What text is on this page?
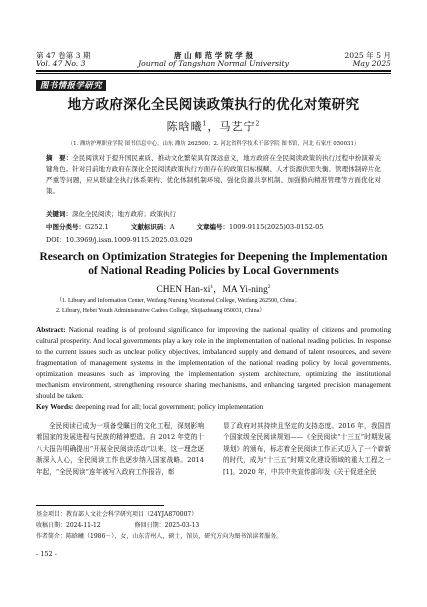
第 47 卷第 3 期	唐 山 师 范 学 院 学 报	2025 年 5 月
Vol. 47 No. 3	Journal of Tangshan Normal University	May 2025
图书情报学研究
地方政府深化全民阅读政策执行的优化对策研究
陈晗曦$^1$，马艺宁$^2$
（1. 潍坊护理职业学院 图书信息中心，山东 潍坊 262500；2. 河北省科学技术干部学院 图书馆，河北 石家庄 050031）
摘　要：全民阅读对于提升国民素质、推动文化繁荣具有深远意义，地方政府在全民阅读政策的执行过程中扮演着关键角色。针对目前地方政府在深化全民阅读政策执行方面存在的政策目标模糊、人才资源供需失衡、管理体制碎片化严重等问题，应从联建全执行体系架构、优化体制机制环境、强化资源共享机制、加强勤向精准管理等方面优化对策。
关键词：深化全民阅读；地方政府；政策执行
中图分类号：G252.1	文献标识码：A	文章编号：1009-9115(2025)03-0152-05
DOI：10.3969/j.issn.1009-9115.2025.03.029
Research on Optimization Strategies for Deepening the Implementation
of National Reading Policies by Local Governments
CHEN Han-$xi^1$，MA Yi-ning$^2$
（1. Library and Information Center, Weifang Nursing Vocational College, Weifang 262500, China；
2. Library, Hebei Youth Administrative Cadres College, Shijiazhuang 050031, China）
Abstract: National reading is of profound significance for improving the national quality of citizens and promoting cultural prosperity. And local governments play a key role in the implementation of national reading policies. In response to the current issues such as unclear policy objectives, imbalanced supply and demand of talent resources, and severe fragmentation of management systems in the implementation of the national reading policy by local governments, optimization measures such as improving the implementation system architecture, optimizing the institutional mechanism environment, strengthening resource sharing mechanisms, and enhancing targeted precision management should be taken.
Key Words: deepening read for all; local government; policy implementation

全民阅读已成为一项备受瞩目的文化工程，深刻影响着国家的发展进程与民族的精神塑造。自 2012 年党的十八大报告明确提出“开展全民阅读活动”以来，这一理念逐渐深入人心，全民阅读工作也逐步纳入国家战略。2014 年起，“全民阅读”连年被写入政府工作报告，彰

显了政府对其持续且坚定的支持态度。2016 年，我国首个国家级全民阅读规划——《全民阅读“十三五”时期发展规划》的颁布，标志着全民阅读工作正式迈入了一个崭新的时代，成为“十三五”时期文化建设领域的重大工程之一[1]。2020 年，中共中央宣传部印发《关于促进全民

基金项目：教育部人文社会科学研究项目（24YJA870007）
收稿日期：2024-11-12	修回日期：2025-03-13
作者简介：陈晗曦（1986－），女，山东青州人，硕士，馆员，研究方向为图书馆读者服务。
- 152 -
